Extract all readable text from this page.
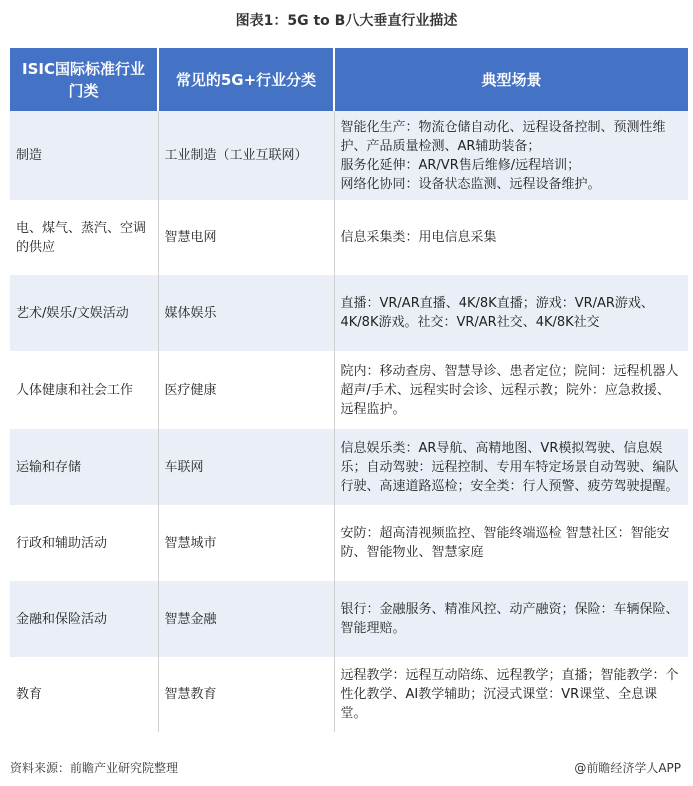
图表1：5G to B八大垂直行业描述
ISIC国际标准行业门类	常见的5G+行业分类	典型场景
制造	工业制造（工业互联网）	智能化生产：物流仓储自动化、远程设备控制、预测性维护、产品质量检测、AR辅助装备；
服务化延伸：AR/VR售后维修/远程培训；
网络化协同：设备状态监测、远程设备维护。
电、煤气、蒸汽、空调的供应	智慧电网	信息采集类：用电信息采集
艺术/娱乐/文娱活动	媒体娱乐	直播：VR/AR直播、4K/8K直播；游戏：VR/AR游戏、4K/8K游戏。社交：VR/AR社交、4K/8K社交
人体健康和社会工作	医疗健康	院内：移动查房、智慧导诊、患者定位；院间：远程机器人超声/手术、远程实时会诊、远程示教；院外：应急救援、远程监护。
运输和存储	车联网	信息娱乐类：AR导航、高精地图、VR模拟驾驶、信息娱乐；自动驾驶：远程控制、专用车特定场景自动驾驶、编队行驶、高速道路巡检；安全类：行人预警、疲劳驾驶提醒。
行政和辅助活动	智慧城市	安防：超高清视频监控、智能终端巡检 智慧社区：智能安防、智能物业、智慧家庭
金融和保险活动	智慧金融	银行：金融服务、精准风控、动产融资；保险：车辆保险、智能理赔。
教育	智慧教育	远程教学：远程互动陪练、远程教学；直播；智能教学：个性化教学、AI教学辅助；沉浸式课堂：VR课堂、全息课堂。
资料来源：前瞻产业研究院整理	@前瞻经济学人APP
